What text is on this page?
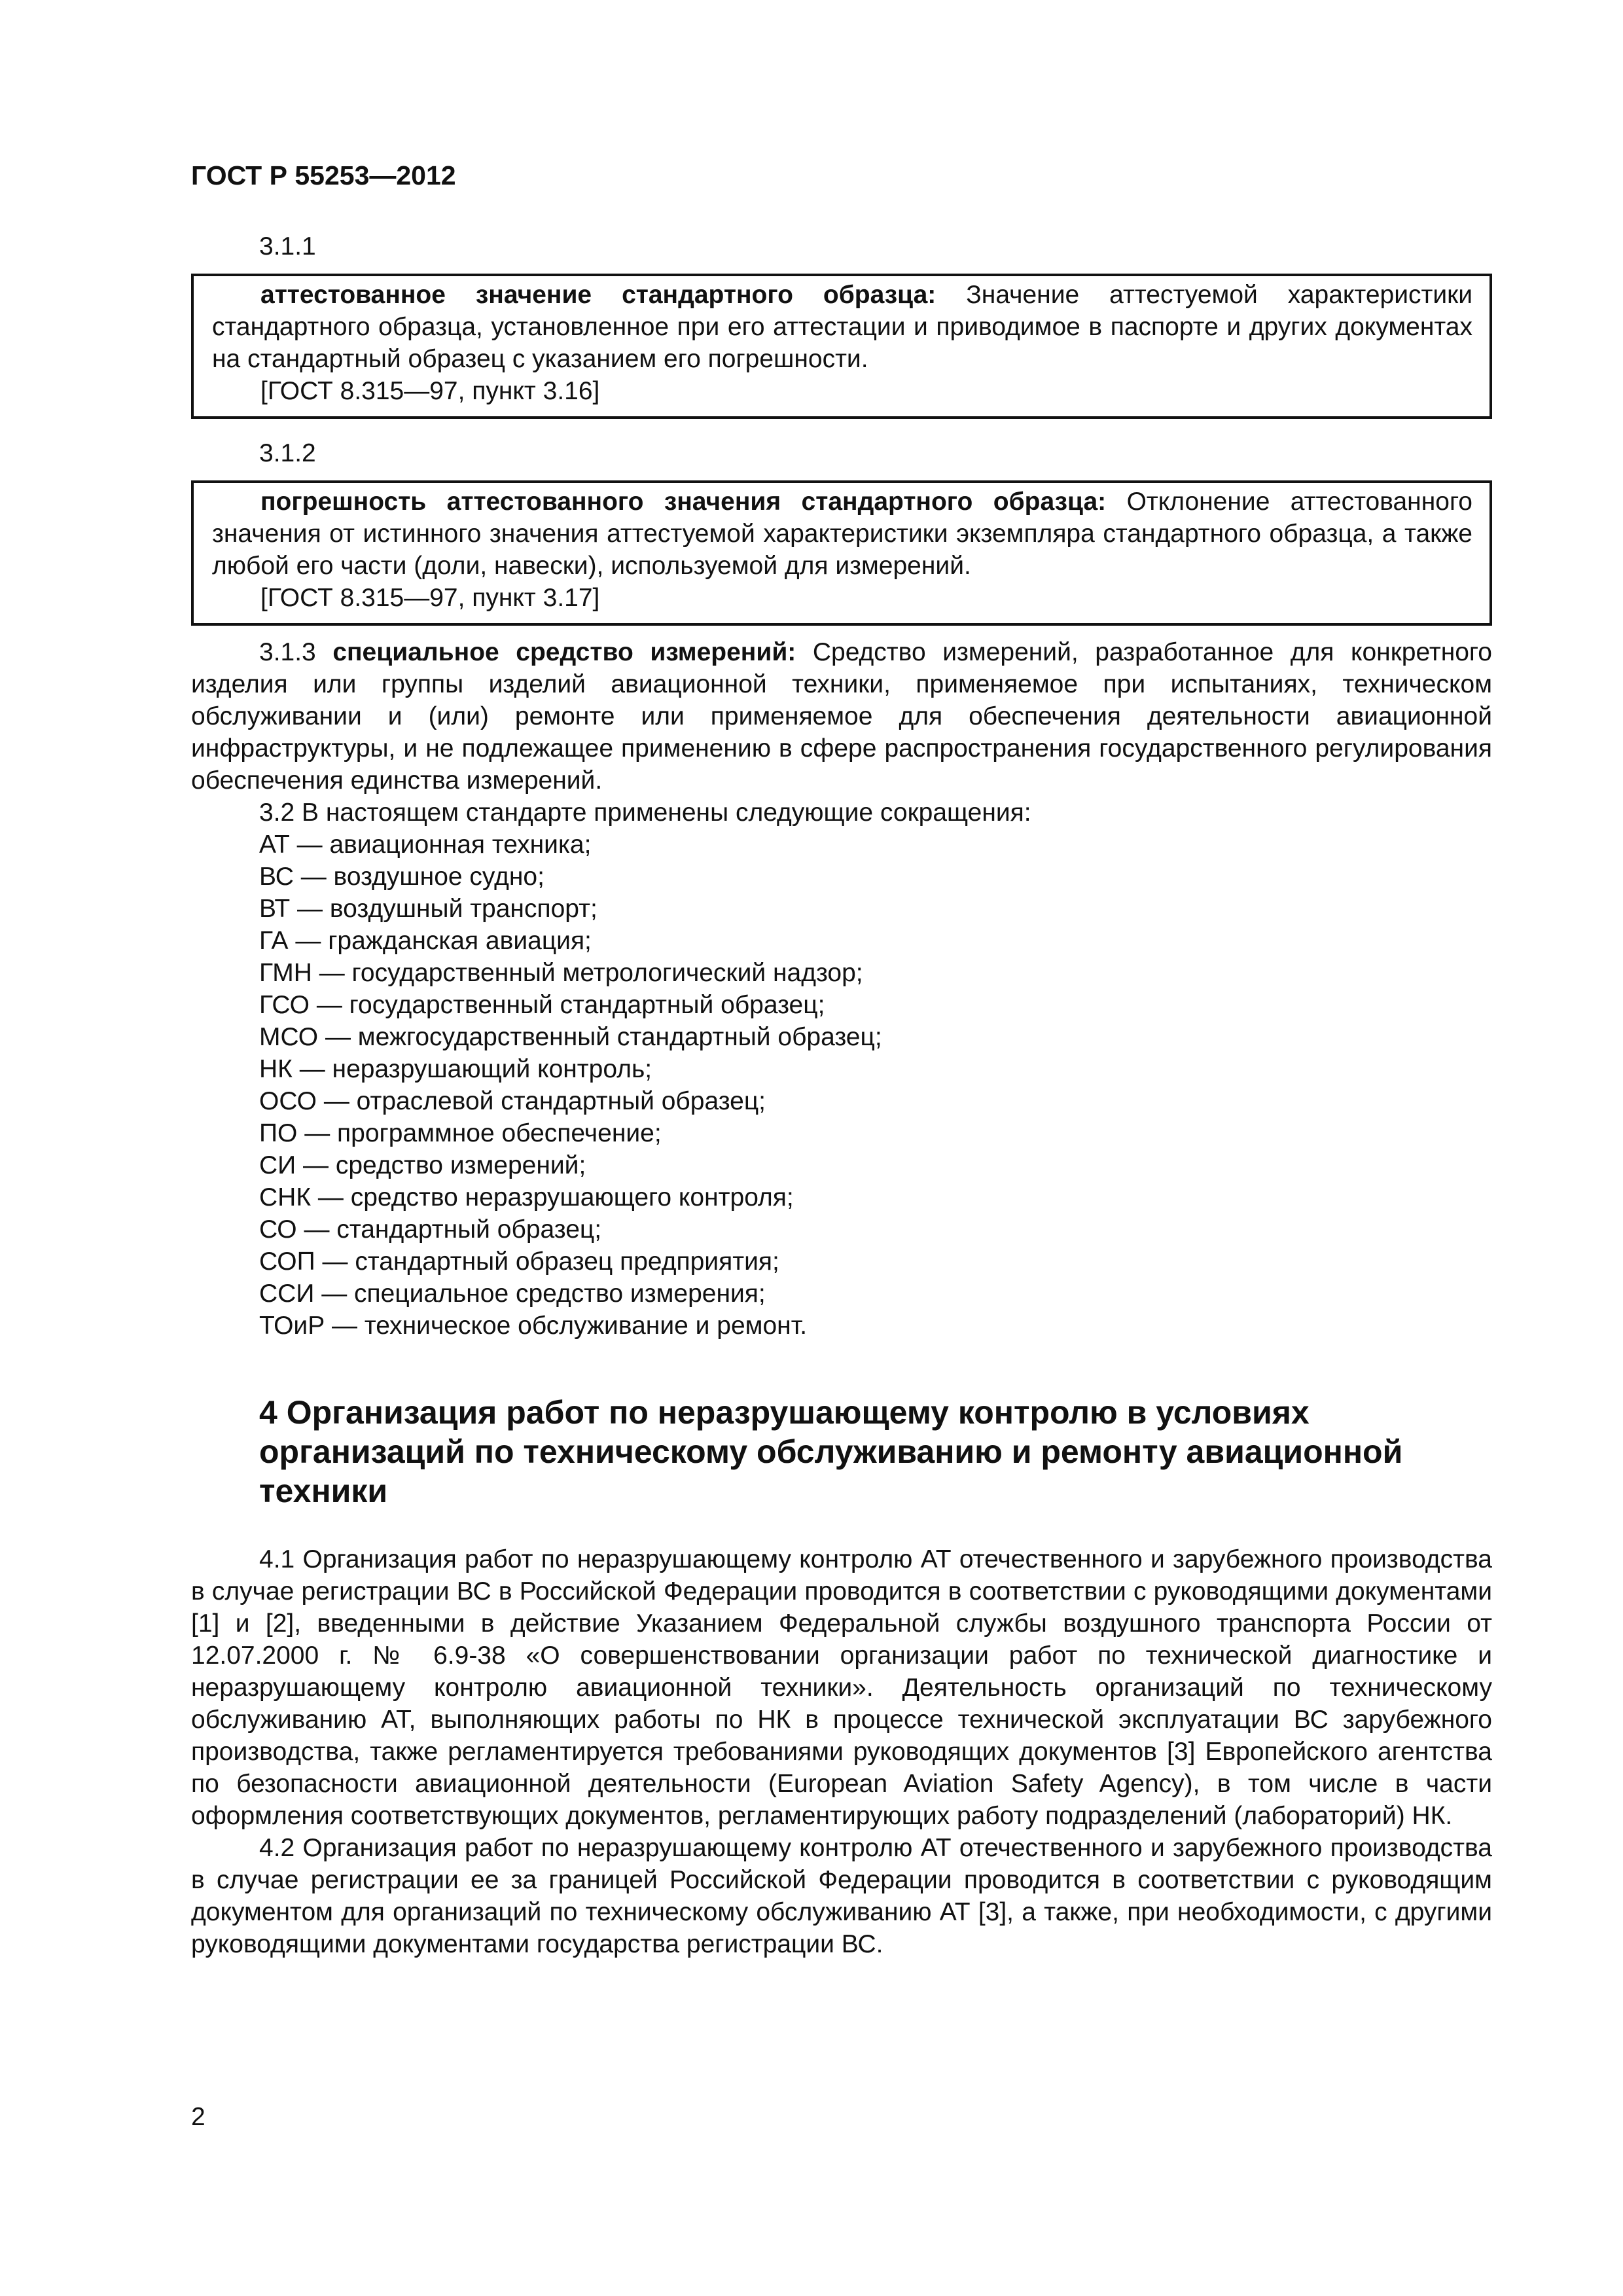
ГОСТ Р 55253—2012
3.1.1

аттестованное значение стандартного образца: Значение аттестуемой характеристики стандартного образца, установленное при его аттестации и приводимое в паспорте и других документах на стандартный образец с указанием его погрешности.

[ГОСТ 8.315—97, пункт 3.16]

3.1.2

погрешность аттестованного значения стандартного образца: Отклонение аттестованного значения от истинного значения аттестуемой характеристики экземпляра стандартного образца, а также любой его части (доли, навески), используемой для измерений.

[ГОСТ 8.315—97, пункт 3.17]

3.1.3 специальное средство измерений: Средство измерений, разработанное для конкретного изделия или группы изделий авиационной техники, применяемое при испытаниях, техническом обслуживании и (или) ремонте или применяемое для обеспечения деятельности авиационной инфраструктуры, и не подлежащее применению в сфере распространения государственного регулирования обеспечения единства измерений.

3.2 В настоящем стандарте применены следующие сокращения:

АТ — авиационная техника;

ВС — воздушное судно;

ВТ — воздушный транспорт;

ГА — гражданская авиация;

ГМН — государственный метрологический надзор;

ГСО — государственный стандартный образец;

МСО — межгосударственный стандартный образец;

НК — неразрушающий контроль;

ОСО — отраслевой стандартный образец;

ПО — программное обеспечение;

СИ — средство измерений;

СНК — средство неразрушающего контроля;

СО — стандартный образец;

СОП — стандартный образец предприятия;

ССИ — специальное средство измерения;

ТОиР — техническое обслуживание и ремонт.

4 Организация работ по неразрушающему контролю в условиях организаций по техническому обслуживанию и ремонту авиационной техники

4.1 Организация работ по неразрушающему контролю АТ отечественного и зарубежного производства в случае регистрации ВС в Российской Федерации проводится в соответствии с руководящими документами [1] и [2], введенными в действие Указанием Федеральной службы воздушного транспорта России от 12.07.2000 г. № 6.9-38 «О совершенствовании организации работ по технической диагностике и неразрушающему контролю авиационной техники». Деятельность организаций по техническому обслуживанию АТ, выполняющих работы по НК в процессе технической эксплуатации ВС зарубежного производства, также регламентируется требованиями руководящих документов [3] Европейского агентства по безопасности авиационной деятельности (European Aviation Safety Agency), в том числе в части оформления соответствующих документов, регламентирующих работу подразделений (лабораторий) НК.

4.2 Организация работ по неразрушающему контролю АТ отечественного и зарубежного производства в случае регистрации ее за границей Российской Федерации проводится в соответствии с руководящим документом для организаций по техническому обслуживанию АТ [3], а также, при необходимости, с другими руководящими документами государства регистрации ВС.

2
